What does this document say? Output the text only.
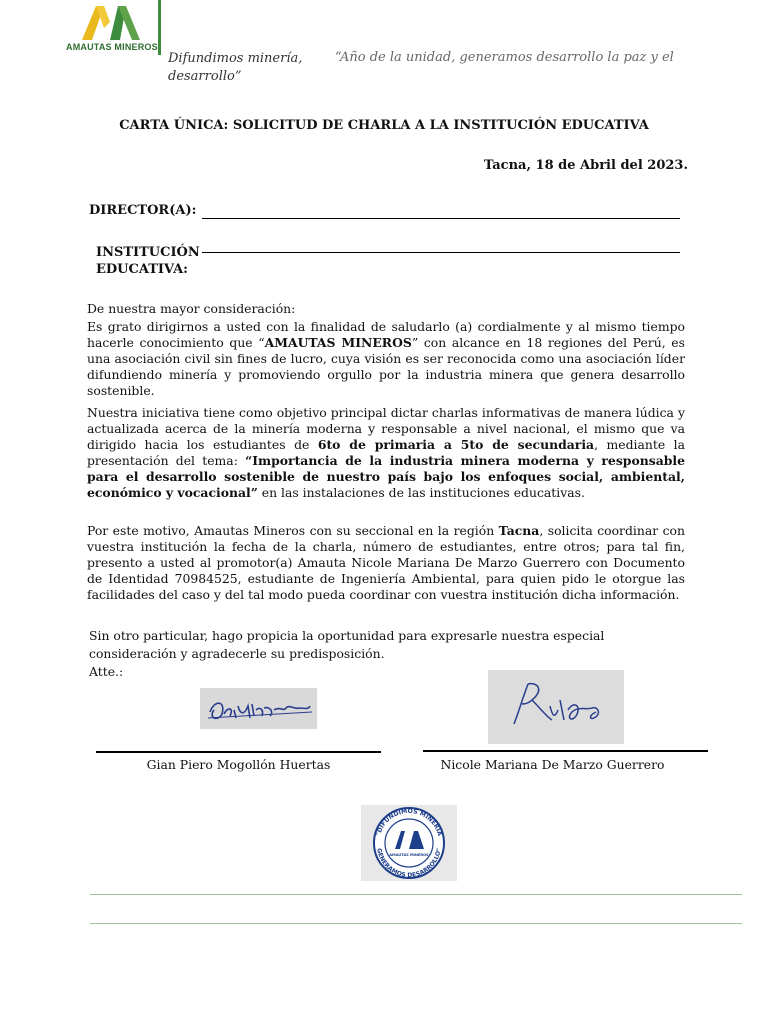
AMAUTAS MINEROS
Difundimos minería,
desarrollo”
“Año de la unidad, generamos desarrollo la paz y el
CARTA ÚNICA: SOLICITUD DE CHARLA A LA INSTITUCIÓN EDUCATIVA
Tacna, 18 de Abril del 2023.
DIRECTOR(A):
INSTITUCIÓN
EDUCATIVA:
De nuestra mayor consideración:
Es grato dirigirnos a usted con la finalidad de saludarlo (a) cordialmente y al mismo tiempo hacerle conocimiento que “AMAUTAS MINEROS” con alcance en 18 regiones del Perú, es una asociación civil sin fines de lucro, cuya visión es ser reconocida como una asociación líder difundiendo minería y promoviendo orgullo por la industria minera que genera desarrollo sostenible.
Nuestra iniciativa tiene como objetivo principal dictar charlas informativas de manera lúdica y actualizada acerca de la minería moderna y responsable a nivel nacional, el mismo que va dirigido hacia los estudiantes de 6to de primaria a 5to de secundaria, mediante la presentación del tema: “Importancia de la industria minera moderna y responsable para el desarrollo sostenible de nuestro país bajo los enfoques social, ambiental, económico y vocacional” en las instalaciones de las instituciones educativas.
Por este motivo, Amautas Mineros con su seccional en la región Tacna, solicita coordinar con vuestra institución la fecha de la charla, número de estudiantes, entre otros; para tal fin, presento a usted al promotor(a) Amauta Nicole Mariana De Marzo Guerrero con Documento de Identidad 70984525, estudiante de Ingeniería Ambiental, para quien pido le otorgue las facilidades del caso y del tal modo pueda coordinar con vuestra institución dicha información.
Sin otro particular, hago propicia la oportunidad para expresarle nuestra especial consideración y agradecerle su predisposición.
Atte.:
Gian Piero Mogollón Huertas	Nicole Mariana De Marzo Guerrero
"DIFUNDIMOS MINERÍA
GENERAMOS DESARROLLO"
AMAUTAS MINEROS
